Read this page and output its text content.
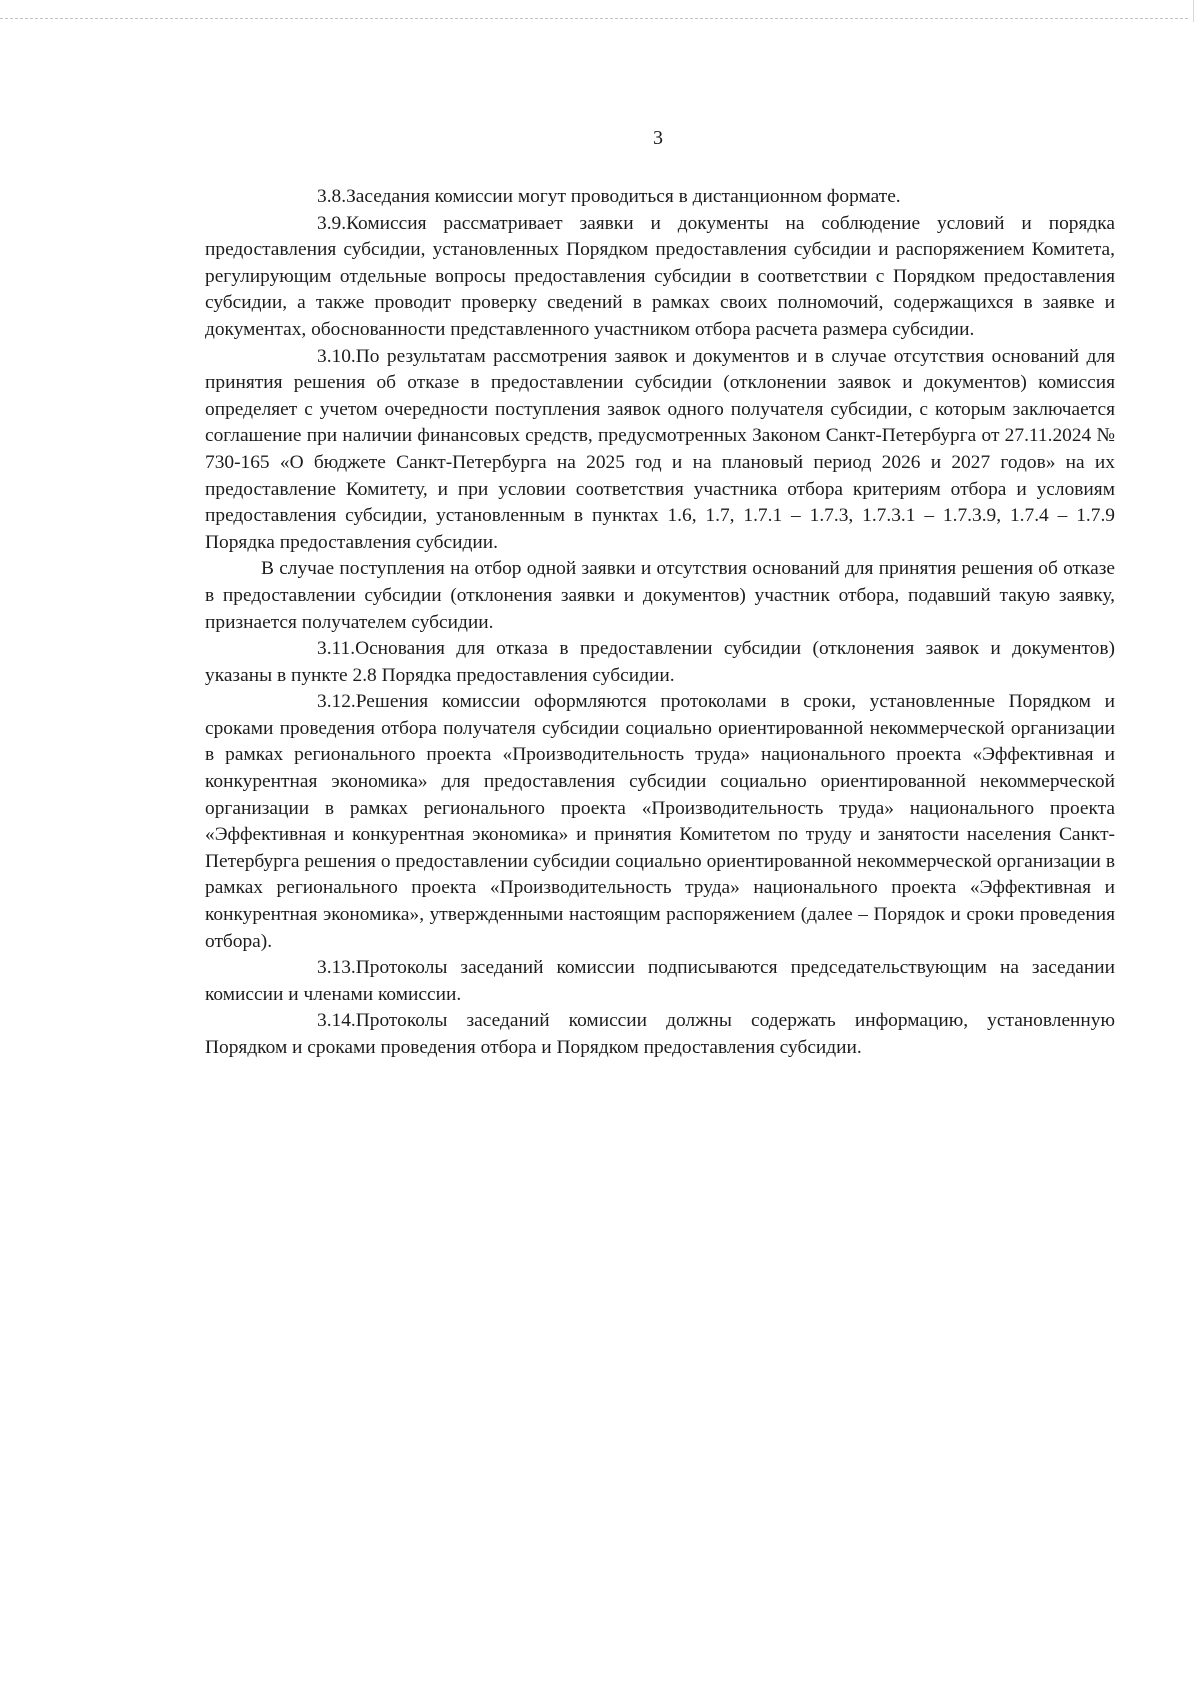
3

3.8.Заседания комиссии могут проводиться в дистанционном формате.

3.9.Комиссия рассматривает заявки и документы на соблюдение условий и порядка предоставления субсидии, установленных Порядком предоставления субсидии и распоряжением Комитета, регулирующим отдельные вопросы предоставления субсидии в соответствии с Порядком предоставления субсидии, а также проводит проверку сведений в рамках своих полномочий, содержащихся в заявке и документах, обоснованности представленного участником отбора расчета размера субсидии.

3.10.По результатам рассмотрения заявок и документов и в случае отсутствия оснований для принятия решения об отказе в предоставлении субсидии (отклонении заявок и документов) комиссия определяет с учетом очередности поступления заявок одного получателя субсидии, с которым заключается соглашение при наличии финансовых средств, предусмотренных Законом Санкт-Петербурга от 27.11.2024 № 730-165 «О бюджете Санкт-Петербурга на 2025 год и на плановый период 2026 и 2027 годов» на их предоставление Комитету, и при условии соответствия участника отбора критериям отбора и условиям предоставления субсидии, установленным в пунктах 1.6, 1.7, 1.7.1 – 1.7.3, 1.7.3.1 – 1.7.3.9, 1.7.4 – 1.7.9 Порядка предоставления субсидии.

В случае поступления на отбор одной заявки и отсутствия оснований для принятия решения об отказе в предоставлении субсидии (отклонения заявки и документов) участник отбора, подавший такую заявку, признается получателем субсидии.

3.11.Основания для отказа в предоставлении субсидии (отклонения заявок и документов) указаны в пункте 2.8 Порядка предоставления субсидии.

3.12.Решения комиссии оформляются протоколами в сроки, установленные Порядком и сроками проведения отбора получателя субсидии социально ориентированной некоммерческой организации в рамках регионального проекта «Производительность труда» национального проекта «Эффективная и конкурентная экономика» для предоставления субсидии социально ориентированной некоммерческой организации в рамках регионального проекта «Производительность труда» национального проекта «Эффективная и конкурентная экономика» и принятия Комитетом по труду и занятости населения Санкт-Петербурга решения о предоставлении субсидии социально ориентированной некоммерческой организации в рамках регионального проекта «Производительность труда» национального проекта «Эффективная и конкурентная экономика», утвержденными настоящим распоряжением (далее – Порядок и сроки проведения отбора).

3.13.Протоколы заседаний комиссии подписываются председательствующим на заседании комиссии и членами комиссии.

3.14.Протоколы заседаний комиссии должны содержать информацию, установленную Порядком и сроками проведения отбора и Порядком предоставления субсидии.
